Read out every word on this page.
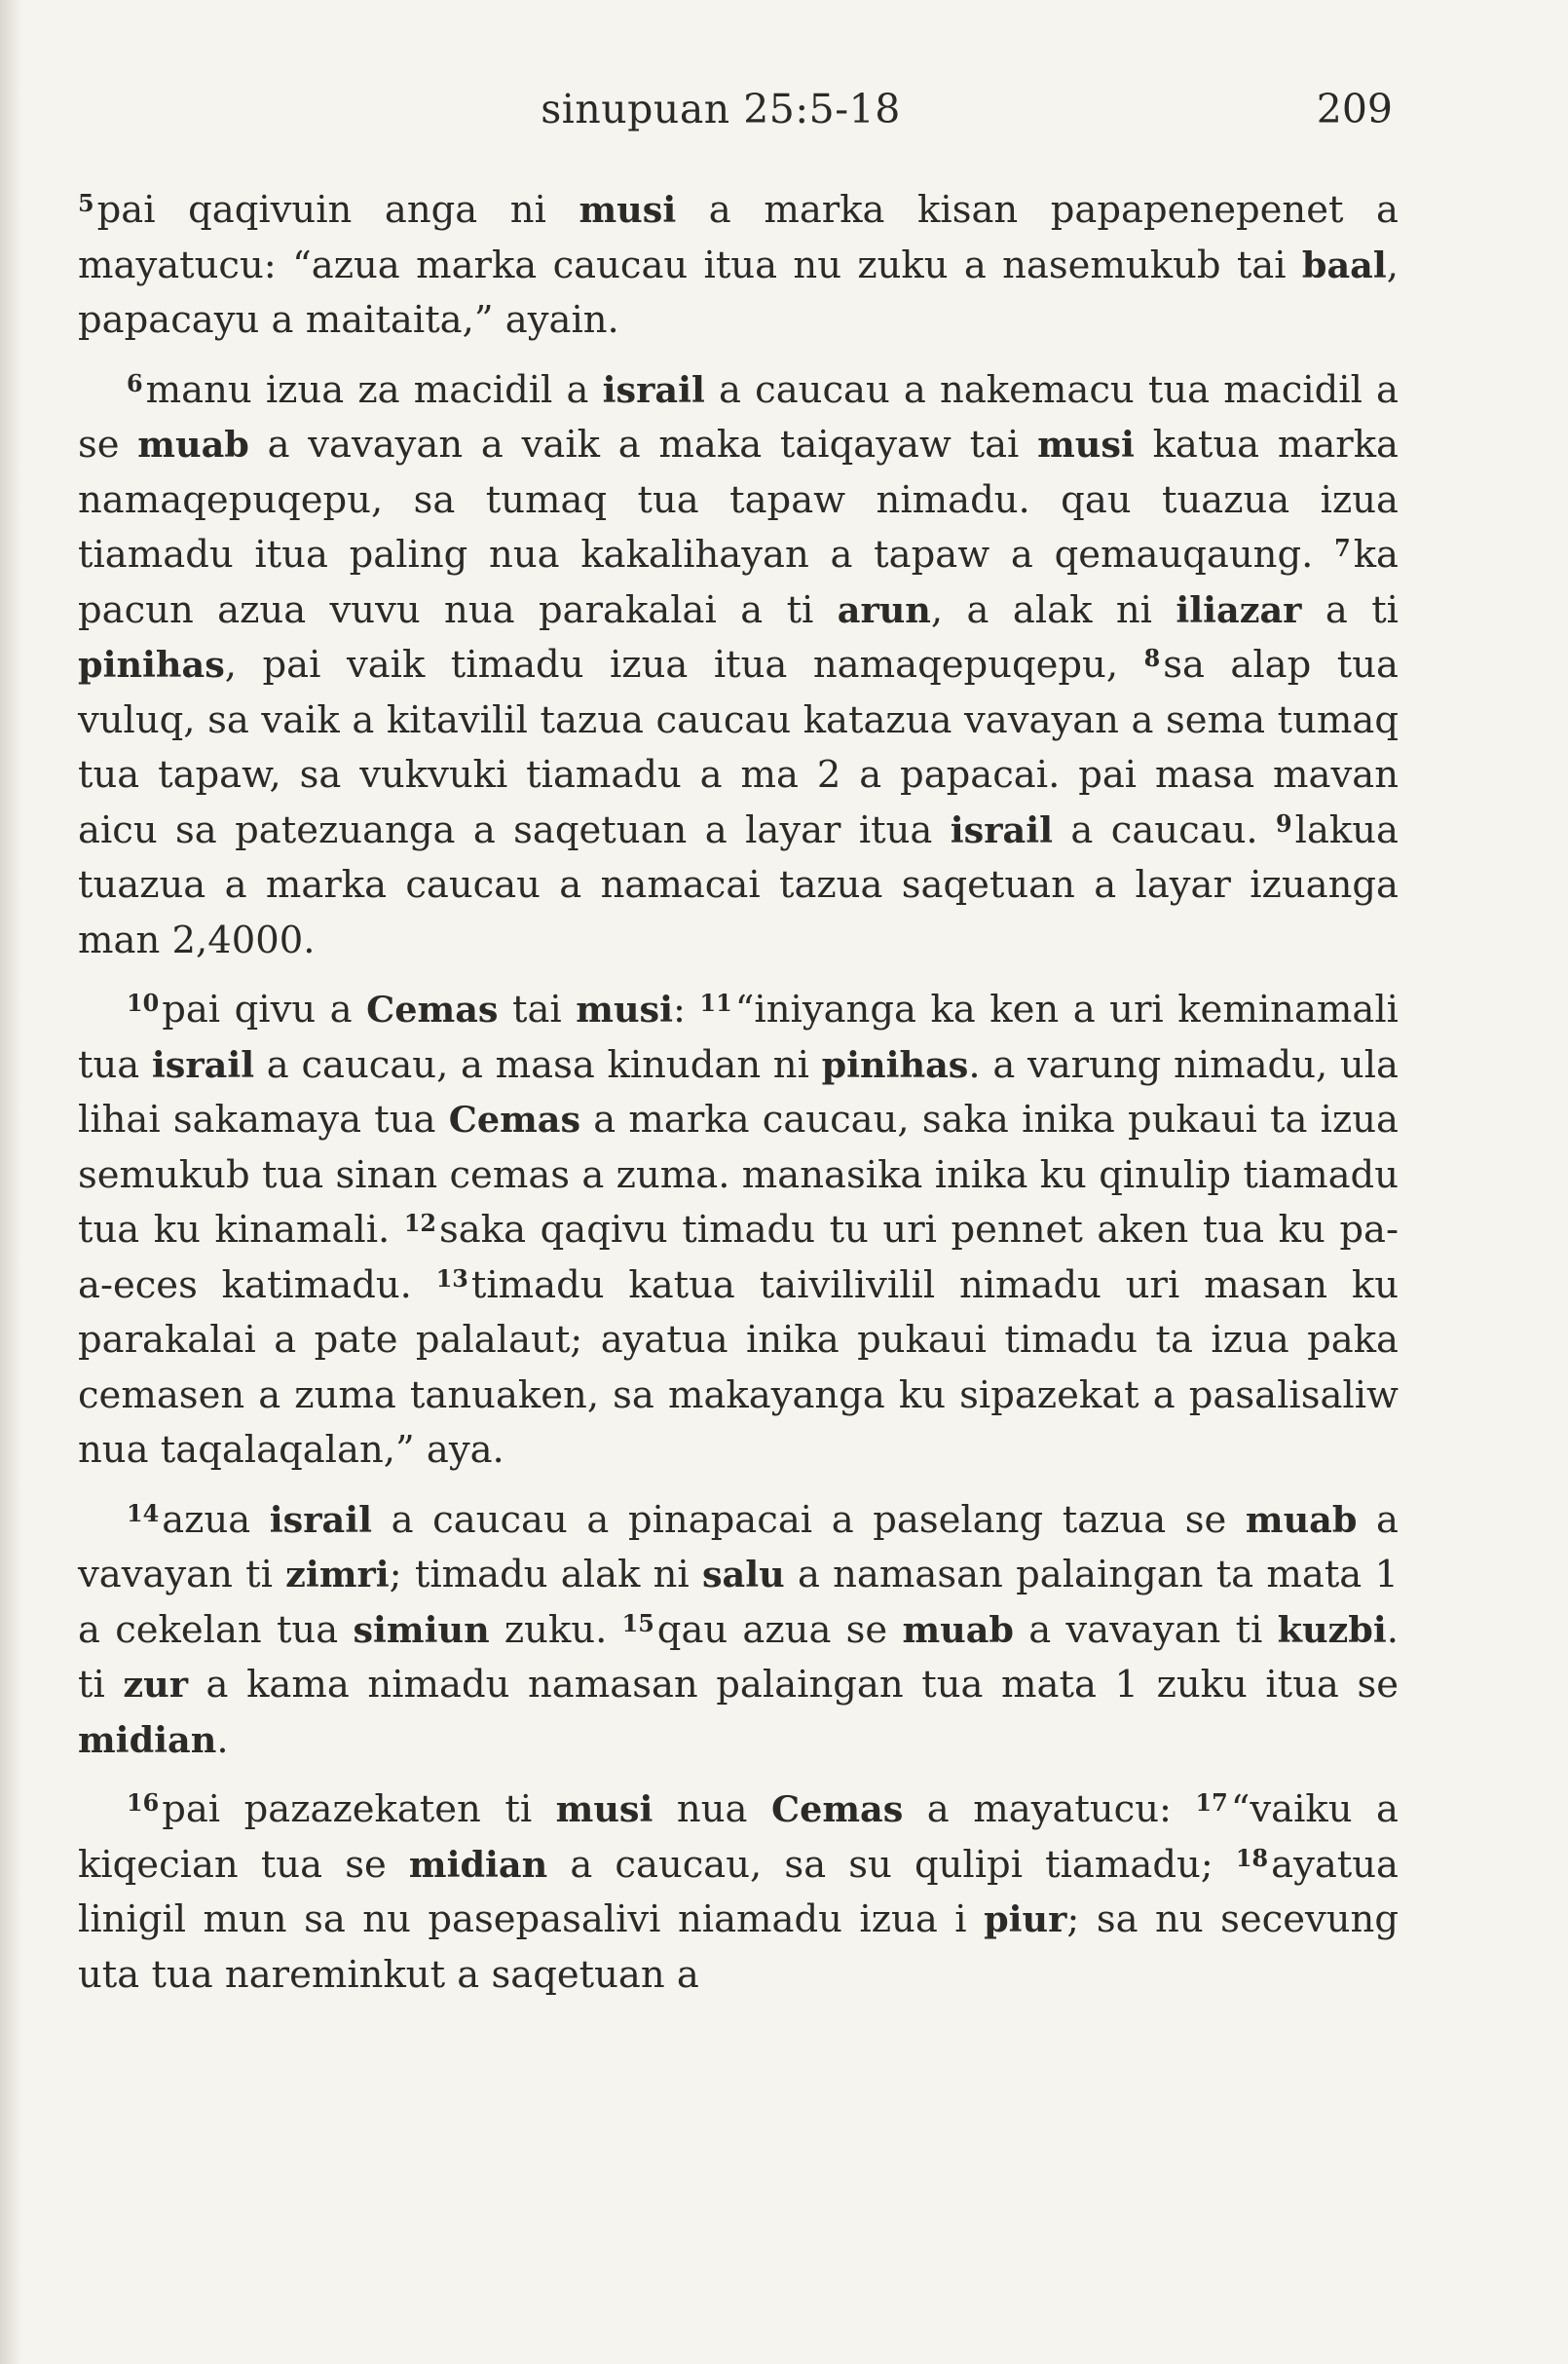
sinupuan 25:5-18	209

$^5$pai qaqivuin anga ni musi a marka kisan papapenepenet a mayatucu: “azua marka caucau itua nu zuku a nasemukub tai baal, papacayu a maitaita,” ayain.

$^6$manu izua za macidil a israil a caucau a nakemacu tua macidil a se muab a vavayan a vaik a maka taiqayaw tai musi katua marka namaqepuqepu, sa tumaq tua tapaw nimadu. qau tuazua izua tiamadu itua paling nua kakalihayan a tapaw a qemauqaung. $^7$ka pacun azua vuvu nua parakalai a ti arun, a alak ni iliazar a ti pinihas, pai vaik timadu izua itua namaqepuqepu, $^8$sa alap tua vuluq, sa vaik a kitavilil tazua caucau katazua vavayan a sema tumaq tua tapaw, sa vukvuki tiamadu a ma 2 a papacai. pai masa mavan aicu sa patezuanga a saqetuan a layar itua israil a caucau. $^9$lakua tuazua a marka caucau a namacai tazua saqetuan a layar izuanga man 2,4000.

$^{10}$pai qivu a Cemas tai musi: $^{11}$“iniyanga ka ken a uri keminamali tua israil a caucau, a masa kinudan ni pinihas. a varung nimadu, ula lihai sakamaya tua Cemas a marka caucau, saka inika pukaui ta izua semukub tua sinan cemas a zuma. manasika inika ku qinulip tiamadu tua ku kinamali. $^{12}$saka qaqivu timadu tu uri pennet aken tua ku pa-a-eces katimadu. $^{13}$timadu katua taivilivilil nimadu uri masan ku parakalai a pate palalaut; ayatua inika pukaui timadu ta izua paka cemasen a zuma tanuaken, sa makayanga ku sipazekat a pasalisaliw nua taqalaqalan,” aya.

$^{14}$azua israil a caucau a pinapacai a paselang tazua se muab a vavayan ti zimri; timadu alak ni salu a namasan palaingan ta mata 1 a cekelan tua simiun zuku. $^{15}$qau azua se muab a vavayan ti kuzbi. ti zur a kama nimadu namasan palaingan tua mata 1 zuku itua se midian.

$^{16}$pai pazazekaten ti musi nua Cemas a mayatucu: $^{17}$“vaiku a kiqecian tua se midian a caucau, sa su qulipi tiamadu; $^{18}$ayatua linigil mun sa nu pasepasalivi niamadu izua i piur; sa nu secevung uta tua nareminkut a saqetuan a
